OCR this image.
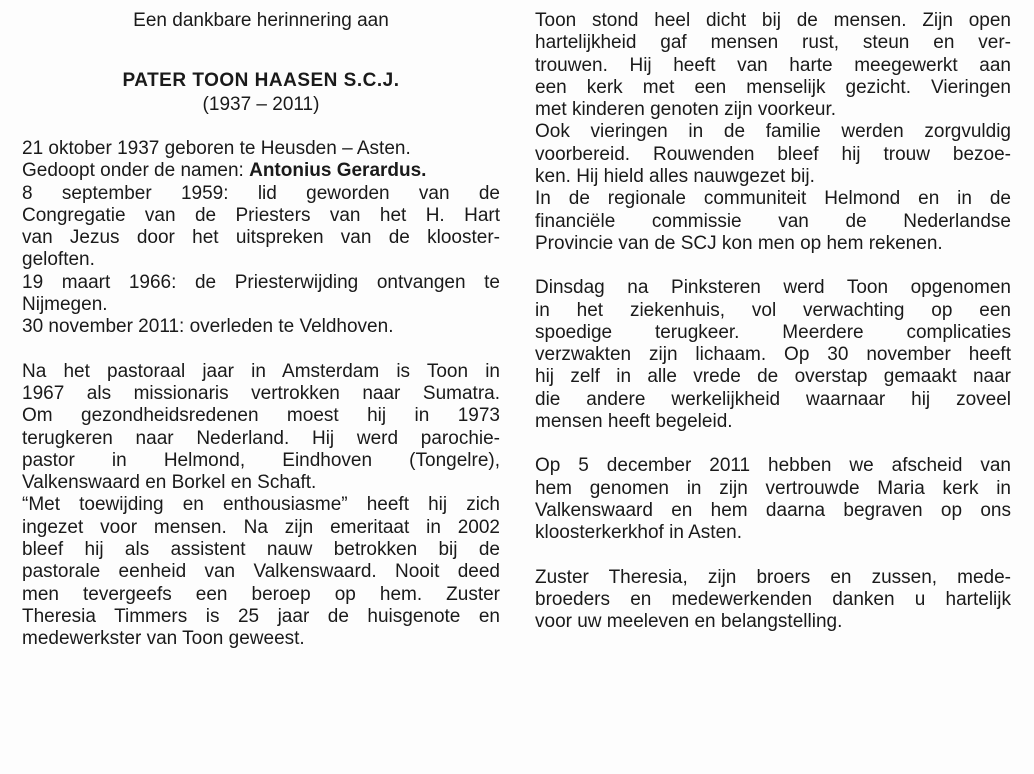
Een dankbare herinnering aan

PATER TOON HAASEN S.C.J.

(1937 – 2011)

21 oktober 1937 geboren te Heusden – Asten.
Gedoopt onder de namen: Antonius Gerardus.
8 september 1959: lid geworden van de
Congregatie van de Priesters van het H. Hart
van Jezus door het uitspreken van de klooster-
geloften.
19 maart 1966: de Priesterwijding ontvangen te
Nijmegen.
30 november 2011: overleden te Veldhoven.
Na het pastoraal jaar in Amsterdam is Toon in
1967 als missionaris vertrokken naar Sumatra.
Om gezondheidsredenen moest hij in 1973
terugkeren naar Nederland. Hij werd parochie-
pastor in Helmond, Eindhoven (Tongelre),
Valkenswaard en Borkel en Schaft.
“Met toewijding en enthousiasme” heeft hij zich
ingezet voor mensen. Na zijn emeritaat in 2002
bleef hij als assistent nauw betrokken bij de
pastorale eenheid van Valkenswaard. Nooit deed
men tevergeefs een beroep op hem. Zuster
Theresia Timmers is 25 jaar de huisgenote en
medewerkster van Toon geweest.
Toon stond heel dicht bij de mensen. Zijn open
hartelijkheid gaf mensen rust, steun en ver-
trouwen. Hij heeft van harte meegewerkt aan
een kerk met een menselijk gezicht. Vieringen
met kinderen genoten zijn voorkeur.
Ook vieringen in de familie werden zorgvuldig
voorbereid. Rouwenden bleef hij trouw bezoe-
ken. Hij hield alles nauwgezet bij.
In de regionale communiteit Helmond en in de
financiële commissie van de Nederlandse
Provincie van de SCJ kon men op hem rekenen.
Dinsdag na Pinksteren werd Toon opgenomen
in het ziekenhuis, vol verwachting op een
spoedige terugkeer. Meerdere complicaties
verzwakten zijn lichaam. Op 30 november heeft
hij zelf in alle vrede de overstap gemaakt naar
die andere werkelijkheid waarnaar hij zoveel
mensen heeft begeleid.
Op 5 december 2011 hebben we afscheid van
hem genomen in zijn vertrouwde Maria kerk in
Valkenswaard en hem daarna begraven op ons
kloosterkerkhof in Asten.
Zuster Theresia, zijn broers en zussen, mede-
broeders en medewerkenden danken u hartelijk
voor uw meeleven en belangstelling.
